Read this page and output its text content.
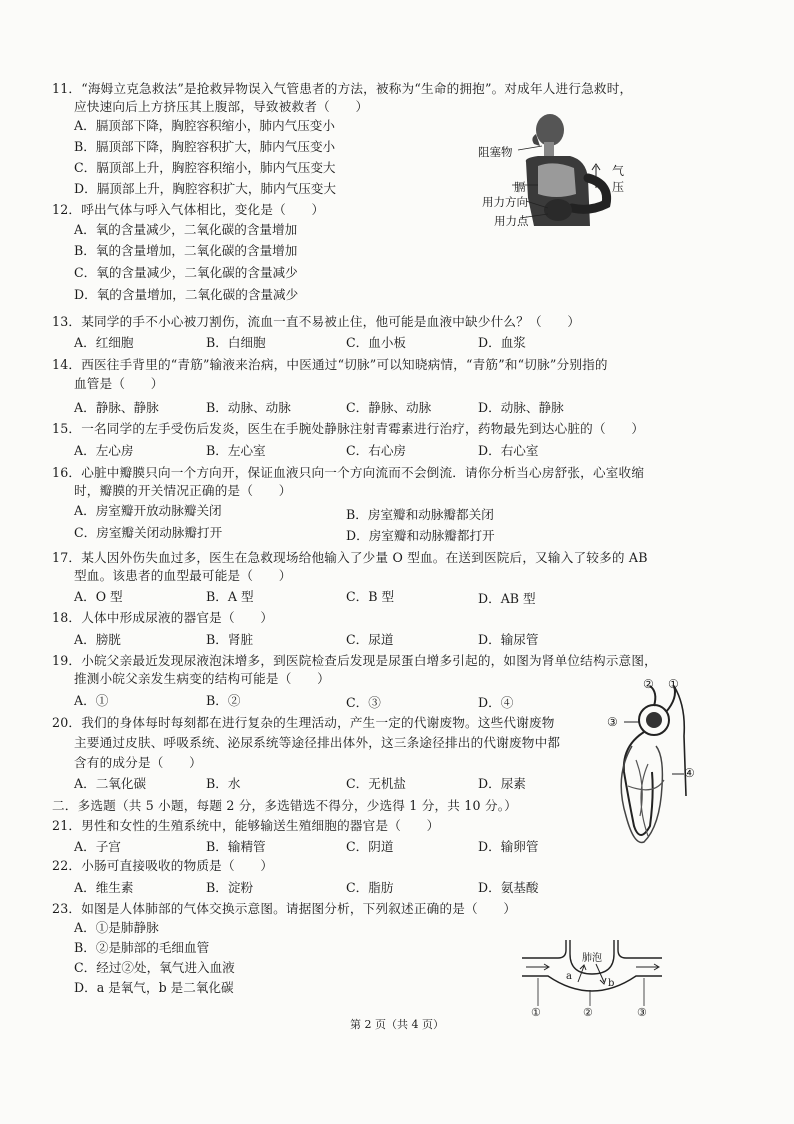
11．“海姆立克急救法”是抢救异物误入气管患者的方法，被称为“生命的拥抱”。对成年人进行急救时，
应快速向后上方挤压其上腹部，导致被救者（　　）
A．膈顶部下降，胸腔容积缩小，肺内气压变小
B．膈顶部下降，胸腔容积扩大，肺内气压变小
C．膈顶部上升，胸腔容积缩小，肺内气压变大
D．膈顶部上升，胸腔容积扩大，肺内气压变大
阻塞物
膈
用力方向
用力点
气
压
12．呼出气体与呼入气体相比，变化是（　　）
A．氧的含量减少，二氧化碳的含量增加
B．氧的含量增加，二氧化碳的含量增加
C．氧的含量减少，二氧化碳的含量减少
D．氧的含量增加，二氧化碳的含量减少
13．某同学的手不小心被刀割伤，流血一直不易被止住，他可能是血液中缺少什么？（　　）
A．红细胞	B．白细胞	C．血小板	D．血浆
14．西医往手背里的“青筋”输液来治病，中医通过“切脉”可以知晓病情，“青筋”和“切脉”分别指的
血管是（　　）
A．静脉、静脉	B．动脉、动脉	C．静脉、动脉	D．动脉、静脉
15．一名同学的左手受伤后发炎，医生在手腕处静脉注射青霉素进行治疗，药物最先到达心脏的（　　）
A．左心房	B．左心室	C．右心房	D．右心室
16．心脏中瓣膜只向一个方向开，保证血液只向一个方向流而不会倒流．请你分析当心房舒张，心室收缩
时，瓣膜的开关情况正确的是（　　）
A．房室瓣开放动脉瓣关闭	B．房室瓣和动脉瓣都关闭
C．房室瓣关闭动脉瓣打开	D．房室瓣和动脉瓣都打开
17．某人因外伤失血过多，医生在急救现场给他输入了少量 O 型血。在送到医院后，又输入了较多的 AB
型血。该患者的血型最可能是（　　）
A．O 型	B．A 型	C．B 型	D．AB 型
18．人体中形成尿液的器官是（　　）
A．膀胱	B．肾脏	C．尿道	D．输尿管
19．小皖父亲最近发现尿液泡沫增多，到医院检查后发现是尿蛋白增多引起的，如图为肾单位结构示意图，
推测小皖父亲发生病变的结构可能是（　　）
A．①	B．②	C．③	D．④
② ①
③
④
20．我们的身体每时每刻都在进行复杂的生理活动，产生一定的代谢废物。这些代谢废物
主要通过皮肤、呼吸系统、泌尿系统等途径排出体外，这三条途径排出的代谢废物中都
含有的成分是（　　）
A．二氧化碳	B．水	C．无机盐	D．尿素
二．多选题（共 5 小题，每题 2 分，多选错选不得分，少选得 1 分，共 10 分。）
21．男性和女性的生殖系统中，能够输送生殖细胞的器官是（　　）
A．子宫	B．输精管	C．阴道	D．输卵管
22．小肠可直接吸收的物质是（　　）
A．维生素	B．淀粉	C．脂肪	D．氨基酸
23．如图是人体肺部的气体交换示意图。请据图分析，下列叙述正确的是（　　）
A．①是肺静脉
B．②是肺部的毛细血管
C．经过②处，氧气进入血液
D．a 是氧气，b 是二氧化碳
肺泡
a
b
①	②	③
第 2 页（共 4 页）
